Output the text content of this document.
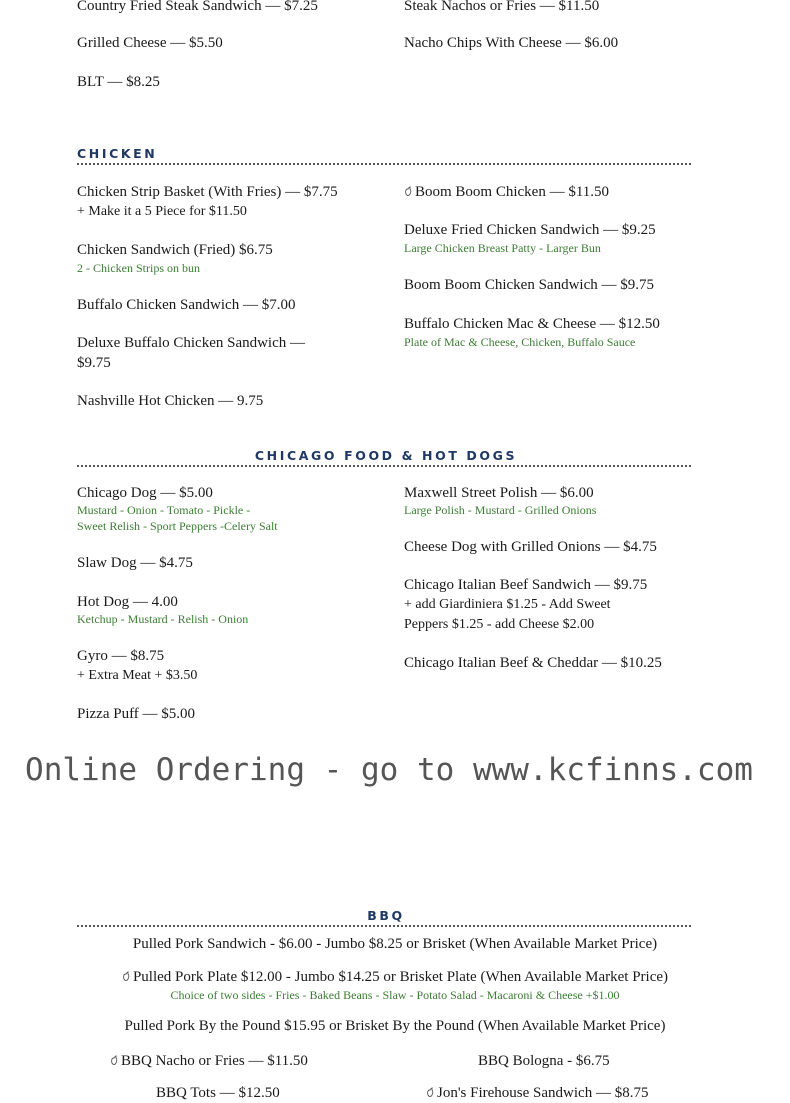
Country Fried Steak Sandwich — $7.25	Steak Nachos or Fries — $11.50
Grilled Cheese — $5.50	Nacho Chips With Cheese — $6.00
BLT — $8.25
CHICKEN
Chicken Strip Basket (With Fries) — $7.75
+ Make it a 5 Piece for $11.50
Chicken Sandwich (Fried) $6.75
2 - Chicken Strips on bun
Buffalo Chicken Sandwich — $7.00
Deluxe Buffalo Chicken Sandwich —
$9.75
Nashville Hot Chicken — 9.75
Boom Boom Chicken — $11.50
Deluxe Fried Chicken Sandwich — $9.25
Large Chicken Breast Patty - Larger Bun
Boom Boom Chicken Sandwich — $9.75
Buffalo Chicken Mac & Cheese — $12.50
Plate of Mac & Cheese, Chicken, Buffalo Sauce
CHICAGO FOOD & HOT DOGS
Chicago Dog — $5.00
Mustard - Onion - Tomato - Pickle -
Sweet Relish - Sport Peppers -Celery Salt
Slaw Dog — $4.75
Hot Dog — 4.00
Ketchup - Mustard - Relish - Onion
Gyro — $8.75
+ Extra Meat + $3.50
Pizza Puff — $5.00
Maxwell Street Polish — $6.00
Large Polish - Mustard - Grilled Onions
Cheese Dog with Grilled Onions — $4.75
Chicago Italian Beef Sandwich — $9.75
+ add Giardiniera $1.25 - Add Sweet
Peppers $1.25 - add Cheese $2.00
Chicago Italian Beef & Cheddar — $10.25
Online Ordering - go to www.kcfinns.com
BBQ
Pulled Pork Sandwich - $6.00 - Jumbo $8.25 or Brisket (When Available Market Price)
Pulled Pork Plate $12.00 - Jumbo $14.25 or Brisket Plate (When Available Market Price)
Choice of two sides - Fries - Baked Beans - Slaw - Potato Salad - Macaroni & Cheese +$1.00
Pulled Pork By the Pound $15.95 or Brisket By the Pound (When Available Market Price)
BBQ Nacho or Fries — $11.50	BBQ Bologna - $6.75
BBQ Tots — $12.50	Jon's Firehouse Sandwich — $8.75
